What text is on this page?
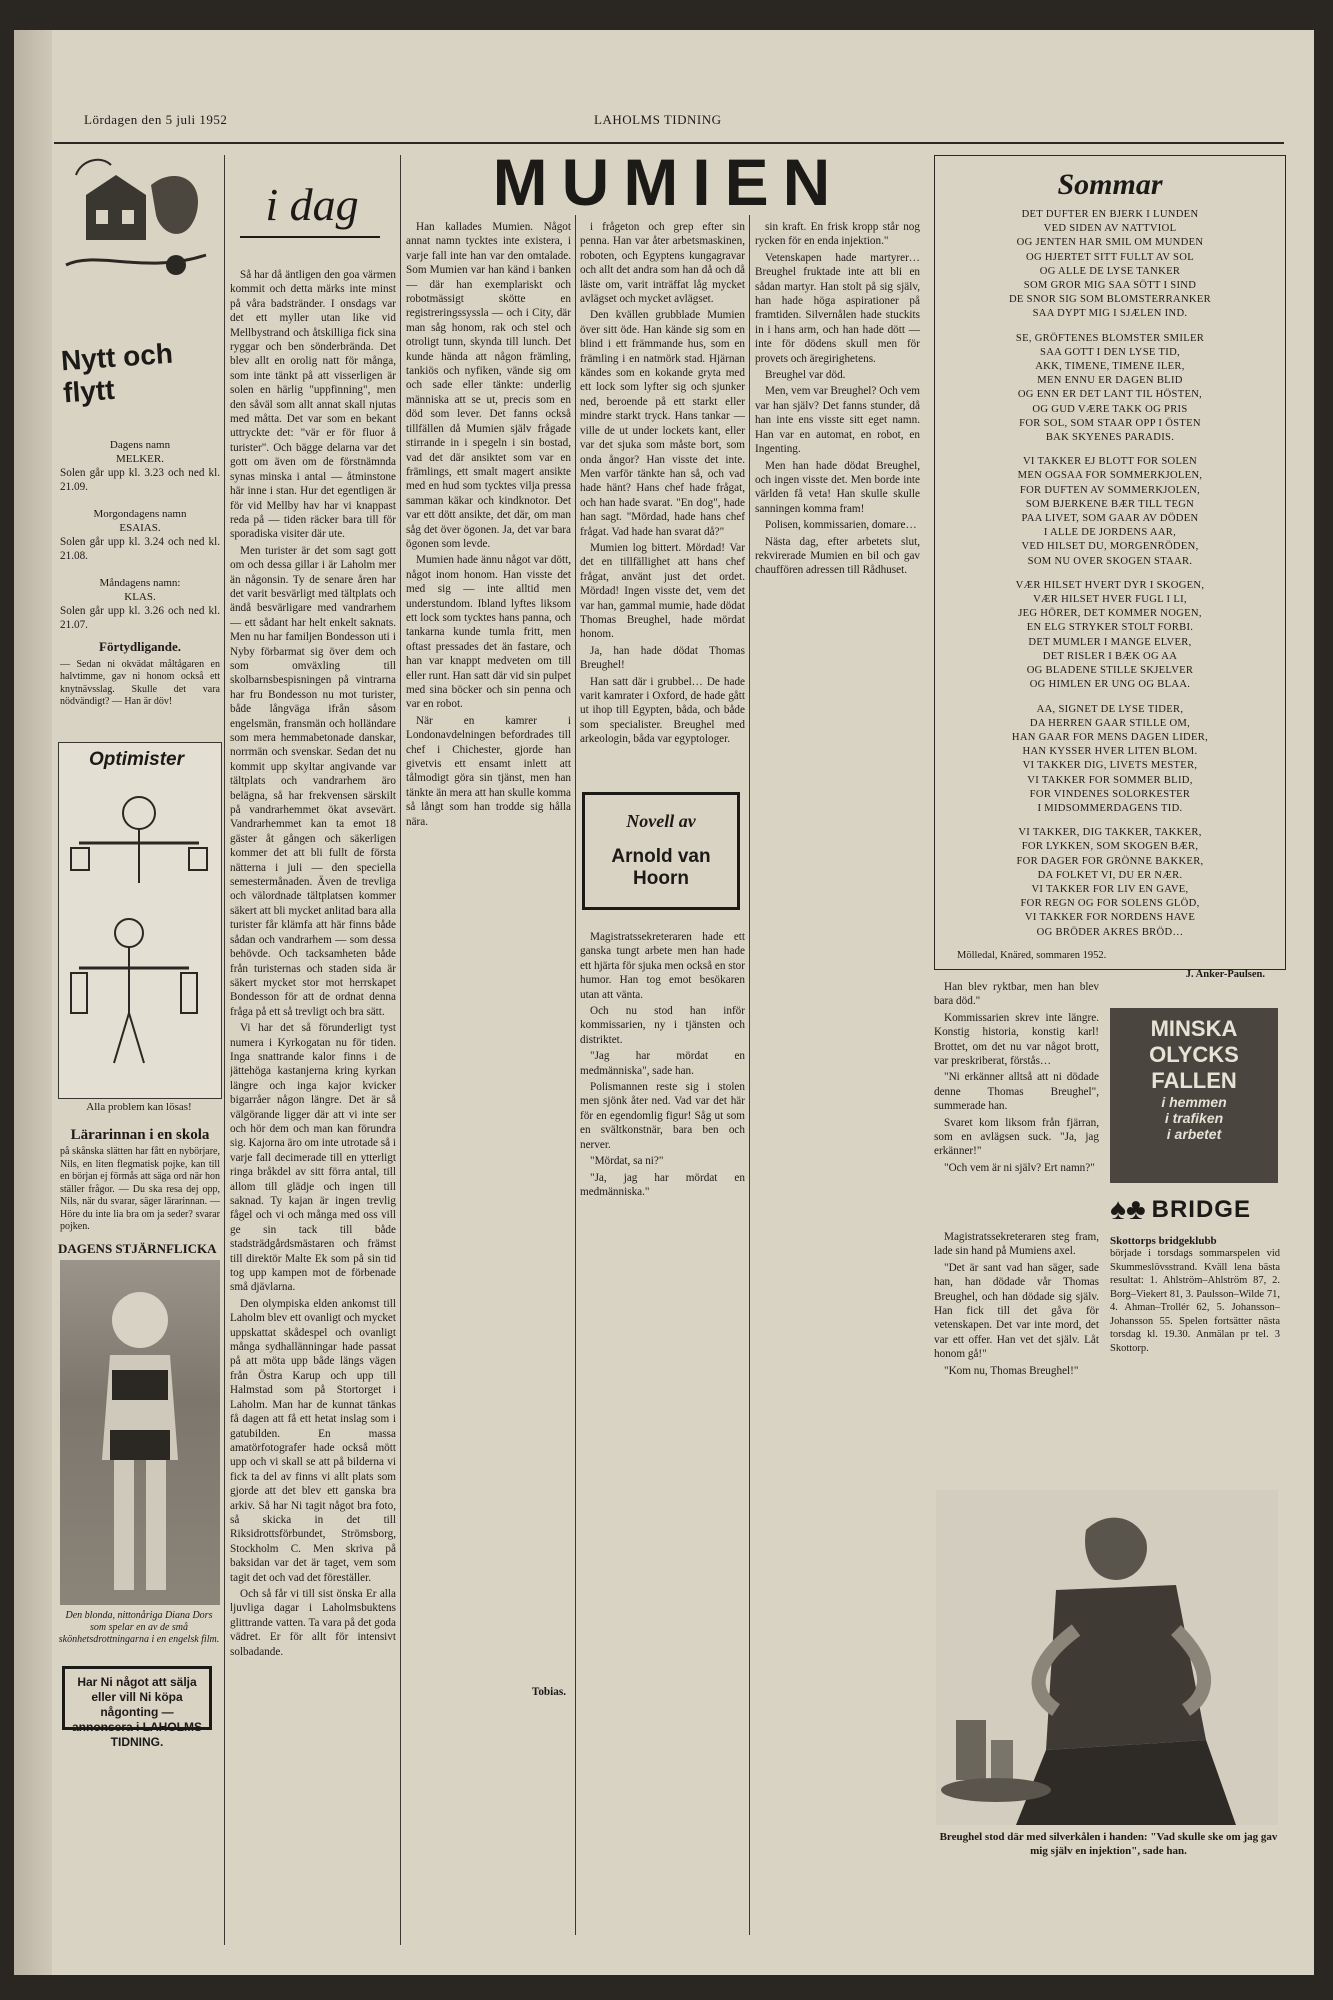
Lördagen den 5 juli 1952	LAHOLMS TIDNING
Nytt och flytt
Dagens namn
MELKER.
Solen går upp kl. 3.23 och ned kl. 21.09.
Morgondagens namn
ESAIAS.
Solen går upp kl. 3.24 och ned kl. 21.08.
Måndagens namn:
KLAS.
Solen går upp kl. 3.26 och ned kl. 21.07.
Förtydligande.
— Sedan ni okvädat måltågaren en halvtimme, gav ni honom också ett knytnävsslag. Skulle det vara nödvändigt? — Han är döv!
Optimister
Alla problem kan lösas!
Lärarinnan i en skola
på skånska slätten har fått en nybörjare, Nils, en liten flegmatisk pojke, kan till en början ej förmås att säga ord när hon ställer frågor. — Du ska resa dej opp, Nils, när du svarar, säger lärarinnan. — Höre du inte lia bra om ja seder? svarar pojken.
DAGENS STJÄRNFLICKA
Den blonda, nittonåriga Diana Dors som spelar en av de små skönhetsdrottningarna i en engelsk film.
Har Ni något att sälja eller vill Ni köpa någonting — annonsera i LAHOLMS TIDNING.
i dag

Så har då äntligen den goa värmen kommit och detta märks inte minst på våra badstränder. I onsdags var det ett myller utan like vid Mellbystrand och åtskilliga fick sina ryggar och ben sönderbrända. Det blev allt en orolig natt för många, som inte tänkt på att visserligen är solen en härlig "uppfinning", men den såväl som allt annat skall njutas med måtta. Det var som en bekant uttryckte det: "vär er för fluor å turister". Och bägge delarna var det gott om även om de förstnämnda synas minska i antal — åtminstone här inne i stan. Hur det egentligen är för vid Mellby hav har vi knappast reda på — tiden räcker bara till för sporadiska visiter där ute.

Men turister är det som sagt gott om och dessa gillar i är Laholm mer än någonsin. Ty de senare åren har det varit besvärligt med tältplats och ändå besvärligare med vandrarhem — ett sådant har helt enkelt saknats. Men nu har familjen Bondesson uti i Nyby förbarmat sig över dem och som omväxling till skolbarnsbespisningen på vintrarna har fru Bondesson nu mot turister, både långväga ifrån såsom engelsmän, fransmän och holländare som mera hemmabetonade danskar, norrmän och svenskar. Sedan det nu kommit upp skyltar angivande var tältplats och vandrarhem äro belägna, så har frekvensen särskilt på vandrarhemmet ökat avsevärt. Vandrarhemmet kan ta emot 18 gäster åt gången och säkerligen kommer det att bli fullt de första nätterna i juli — den speciella semestermånaden. Även de trevliga och välordnade tältplatsen kommer säkert att bli mycket anlitad bara alla turister får klämfa att här finns både sådan och vandrarhem — som dessa behövde. Och tacksamheten både från turisternas och staden sida är säkert mycket stor mot herrskapet Bondesson för att de ordnat denna fråga på ett så trevligt och bra sätt.

Vi har det så förunderligt tyst numera i Kyrkogatan nu för tiden. Inga snattrande kalor finns i de jättehöga kastanjerna kring kyrkan längre och inga kajor kvicker bigarråer någon längre. Det är så välgörande ligger där att vi inte ser och hör dem och man kan förundra sig. Kajorna äro om inte utrotade så i varje fall decimerade till en ytterligt ringa bråkdel av sitt förra antal, till allom till glädje och ingen till saknad. Ty kajan är ingen trevlig fågel och vi och många med oss vill ge sin tack till både stadsträdgårdsmästaren och främst till direktör Malte Ek som på sin tid tog upp kampen mot de förbenade små djävlarna.

Den olympiska elden ankomst till Laholm blev ett ovanligt och mycket uppskattat skådespel och ovanligt många sydhallänningar hade passat på att möta upp både längs vägen från Östra Karup och upp till Halmstad som på Stortorget i Laholm. Man har de kunnat tänkas få dagen att få ett hetat inslag som i gatubilden. En massa amatörfotografer hade också mött upp och vi skall se att på bilderna vi fick ta del av finns vi allt plats som gjorde att det blev ett ganska bra arkiv. Så har Ni tagit något bra foto, så skicka in det till Riksidrottsförbundet, Strömsborg, Stockholm C. Men skriva på baksidan var det är taget, vem som tagit det och vad det föreställer.

Och så får vi till sist önska Er alla ljuvliga dagar i Laholmsbuktens glittrande vatten. Ta vara på det goda vädret. Er för allt för intensivt solbadande.

MUMIEN

Han kallades Mumien. Något annat namn tycktes inte existera, i varje fall inte han var den omtalade. Som Mumien var han känd i banken — där han exemplariskt och robotmässigt skötte en registreringssyssla — och i City, där man såg honom, rak och stel och otroligt tunn, skynda till lunch. Det kunde hända att någon främling, tankiös och nyfiken, vände sig om och sade eller tänkte: underlig människa att se ut, precis som en död som lever. Det fanns också tillfällen då Mumien själv frågade stirrande in i spegeln i sin bostad, vad det där ansiktet som var en främlings, ett smalt magert ansikte med en hud som tycktes vilja pressa samman käkar och kindknotor. Det var ett dött ansikte, det där, om man såg det över ögonen. Ja, det var bara ögonen som levde.

Mumien hade ännu något var dött, något inom honom. Han visste det med sig — inte alltid men understundom. Ibland lyftes liksom ett lock som tycktes hans panna, och tankarna kunde tumla fritt, men oftast pressades det än fastare, och han var knappt medveten om till eller runt. Han satt där vid sin pulpet med sina böcker och sin penna och var en robot.

När en kamrer i Londonavdelningen befordrades till chef i Chichester, gjorde han givetvis ett ensamt inlett att tålmodigt göra sin tjänst, men han tänkte än mera att han skulle komma så långt som han trodde sig hålla nära.

Tobias.

i frågeton och grep efter sin penna. Han var åter arbetsmaskinen, roboten, och Egyptens kungagravar och allt det andra som han då och då läste om, varit inträffat låg mycket avlägset och mycket avlägset.

Den kvällen grubblade Mumien över sitt öde. Han kände sig som en blind i ett främmande hus, som en främling i en natmörk stad. Hjärnan kändes som en kokande gryta med ett lock som lyfter sig och sjunker ned, beroende på ett starkt eller mindre starkt tryck. Hans tankar — ville de ut under lockets kant, eller var det sjuka som måste bort, som onda ångor? Han visste det inte. Men varför tänkte han så, och vad hade hänt? Hans chef hade frågat, och han hade svarat. "En dog", hade han sagt. "Mördad, hade hans chef frågat. Vad hade han svarat då?"

Mumien log bittert. Mördad! Var det en tillfällighet att hans chef frågat, använt just det ordet. Mördad! Ingen visste det, vem det var han, gammal mumie, hade dödat Thomas Breughel, hade mördat honom.

Ja, han hade dödat Thomas Breughel!

Han satt där i grubbel… De hade varit kamrater i Oxford, de hade gått ut ihop till Egypten, båda, och både som specialister. Breughel med arkeologin, båda var egyptologer.

Novell av
Arnold van Hoorn

Magistratssekreteraren hade ett ganska tungt arbete men han hade ett hjärta för sjuka men också en stor humor. Han tog emot besökaren utan att vänta.

Och nu stod han inför kommissarien, ny i tjänsten och distriktet.

"Jag har mördat en medmänniska", sade han.

Polismannen reste sig i stolen men sjönk åter ned. Vad var det här för en egendomlig figur! Såg ut som en svältkonstnär, bara ben och nerver.

"Mördat, sa ni?"

"Ja, jag har mördat en medmänniska."

sin kraft. En frisk kropp står nog rycken för en enda injektion."

Vetenskapen hade martyrer… Breughel fruktade inte att bli en sådan martyr. Han stolt på sig själv, han hade höga aspirationer på framtiden. Silvernålen hade stuckits in i hans arm, och han hade dött — inte för dödens skull men för provets och äregirighetens.

Breughel var död.

Men, vem var Breughel? Och vem var han själv? Det fanns stunder, då han inte ens visste sitt eget namn. Han var en automat, en robot, en Ingenting.

Men han hade dödat Breughel, och ingen visste det. Men borde inte världen få veta! Han skulle skulle sanningen komma fram!

Polisen, kommissarien, domare…

Nästa dag, efter arbetets slut, rekvirerade Mumien en bil och gav chauffören adressen till Rådhuset.

Sommar

DET DUFTER EN BJERK I LUNDEN
VED SIDEN AV NATTVIOL
OG JENTEN HAR SMIL OM MUNDEN
OG HJERTET SITT FULLT AV SOL
OG ALLE DE LYSE TANKER
SOM GROR MIG SAA SÖTT I SIND
DE SNOR SIG SOM BLOMSTERRANKER
SAA DYPT MIG I SJÆLEN IND.

SE, GRÖFTENES BLOMSTER SMILER
SAA GOTT I DEN LYSE TID,
AKK, TIMENE, TIMENE ILER,
MEN ENNU ER DAGEN BLID
OG ENN ER DET LANT TIL HÖSTEN,
OG GUD VÆRE TAKK OG PRIS
FOR SOL, SOM STAAR OPP I ÖSTEN
BAK SKYENES PARADIS.

VI TAKKER EJ BLOTT FOR SOLEN
MEN OGSAA FOR SOMMERKJOLEN,
FOR DUFTEN AV SOMMERKJOLEN,
SOM BJERKENE BÆR TILL TEGN
PAA LIVET, SOM GAAR AV DÖDEN
I ALLE DE JORDENS AAR,
VED HILSET DU, MORGENRÖDEN,
SOM NU OVER SKOGEN STAAR.

VÆR HILSET HVERT DYR I SKOGEN,
VÆR HILSET HVER FUGL I LI,
JEG HÖRER, DET KOMMER NOGEN,
EN ELG STRYKER STOLT FORBI.
DET MUMLER I MANGE ELVER,
DET RISLER I BÆK OG AA
OG BLADENE STILLE SKJELVER
OG HIMLEN ER UNG OG BLAA.

AA, SIGNET DE LYSE TIDER,
DA HERREN GAAR STILLE OM,
HAN GAAR FOR MENS DAGEN LIDER,
HAN KYSSER HVER LITEN BLOM.
VI TAKKER DIG, LIVETS MESTER,
VI TAKKER FOR SOMMER BLID,
FOR VINDENES SOLORKESTER
I MIDSOMMERDAGENS TID.

VI TAKKER, DIG TAKKER, TAKKER,
FOR LYKKEN, SOM SKOGEN BÆR,
FOR DAGER FOR GRÖNNE BAKKER,
DA FOLKET VI, DU ER NÆR.
VI TAKKER FOR LIV EN GAVE,
FOR REGN OG FOR SOLENS GLÖD,
VI TAKKER FOR NORDENS HAVE
OG BRÖDER AKRES BRÖD…

Mölledal, Knäred, sommaren 1952.
J. Anker-Paulsen.

Han blev ryktbar, men han blev bara död."

Kommissarien skrev inte längre. Konstig historia, konstig karl! Brottet, om det nu var något brott, var preskriberat, förstås…

"Ni erkänner alltså att ni dödade denne Thomas Breughel", summerade han.

Svaret kom liksom från fjärran, som en avlägsen suck. "Ja, jag erkänner!"

"Och vem är ni själv? Ert namn?"

Magistratssekreteraren steg fram, lade sin hand på Mumiens axel.

"Det är sant vad han säger, sade han, han dödade vår Thomas Breughel, och han dödade sig själv. Han fick till det gåva för vetenskapen. Det var inte mord, det var ett offer. Han vet det själv. Låt honom gå!"

"Kom nu, Thomas Breughel!"

MINSKA
OLYCKS
FALLEN
i hemmen
i trafiken
i arbetet
♠♣ BRIDGE
Skottorps bridgeklubb
började i torsdags sommarspelen vid Skummeslövsstrand. Kväll lena bästa resultat: 1. Ahlström–Ahlström 87, 2. Borg–Viekert 81, 3. Paulsson–Wilde 71, 4. Ahman–Trollér 62, 5. Johansson–Johansson 55. Spelen fortsätter nästa torsdag kl. 19.30. Anmälan pr tel. 3 Skottorp.
Breughel stod där med silverkålen i handen: "Vad skulle ske om jag gav mig själv en injektion", sade han.
